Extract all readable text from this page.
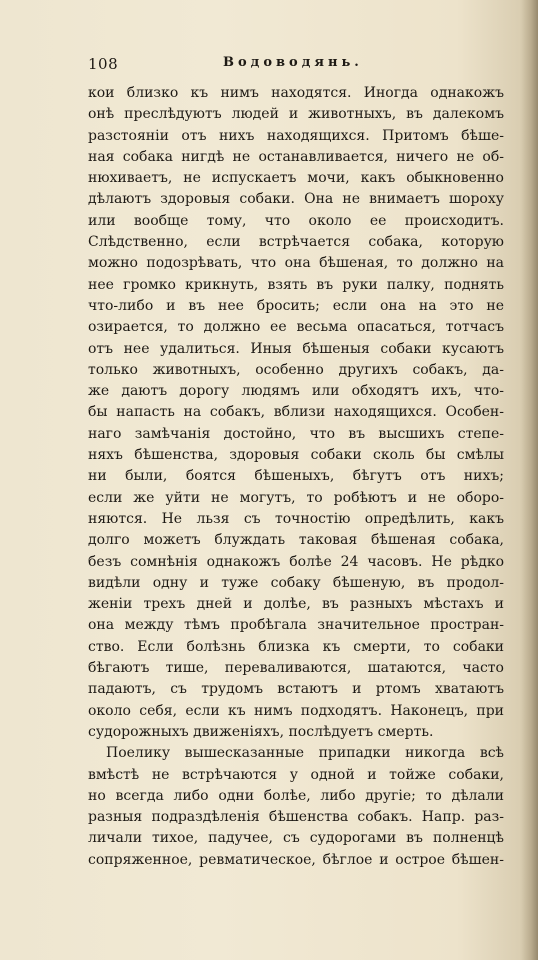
108	Водоводянь.
кои близко къ нимъ находятся. Иногда однакожъ
онѣ преслѣдуютъ людей и животныхъ, въ далекомъ
разстояніи отъ нихъ находящихся. Притомъ бѣше-
ная собака нигдѣ не останавливается, ничего не об-
нюхиваетъ, не испускаетъ мочи, какъ обыкновенно
дѣлаютъ здоровыя собаки. Она не внимаетъ шороху
или вообще тому, что около ее происходитъ.
Слѣдственно, если встрѣчается собака, которую
можно подозрѣвать, что она бѣшеная, то должно на
нее громко крикнуть, взять въ руки палку, поднять
что-либо и въ нее бросить; если она на это не
озирается, то должно ее весьма опасаться, тотчасъ
отъ нее удалиться. Иныя бѣшеныя собаки кусаютъ
только животныхъ, особенно другихъ собакъ, да-
же даютъ дорогу людямъ или обходятъ ихъ, что-
бы напасть на собакъ, вблизи находящихся. Особен-
наго замѣчанія достойно, что въ высшихъ степе-
няхъ бѣшенства, здоровыя собаки сколь бы смѣлы
ни были, боятся бѣшеныхъ, бѣгутъ отъ нихъ;
если же уйти не могутъ, то робѣютъ и не оборо-
няются. Не льзя съ точностію опредѣлить, какъ
долго можетъ блуждать таковая бѣшеная собака,
безъ сомнѣнія однакожъ болѣе 24 часовъ. Не рѣдко
видѣли одну и туже собаку бѣшеную, въ продол-
женіи трехъ дней и долѣе, въ разныхъ мѣстахъ и
она между тѣмъ пробѣгала значительное простран-
ство. Если болѣзнь близка къ смерти, то собаки
бѣгаютъ тише, переваливаются, шатаются, часто
падаютъ, съ трудомъ встаютъ и ртомъ хватаютъ
около себя, если къ нимъ подходятъ. Наконецъ, при
судорожныхъ движеніяхъ, послѣдуетъ смерть.
Поелику вышесказанные припадки никогда всѣ
вмѣстѣ не встрѣчаются у одной и тойже собаки,
но всегда либо одни болѣе, либо другіе; то дѣлали
разныя подраздѣленія бѣшенства собакъ. Напр. раз-
личали тихое, падучее, съ судорогами въ полненцѣ
сопряженное, ревматическое, бѣглое и острое бѣшен-
